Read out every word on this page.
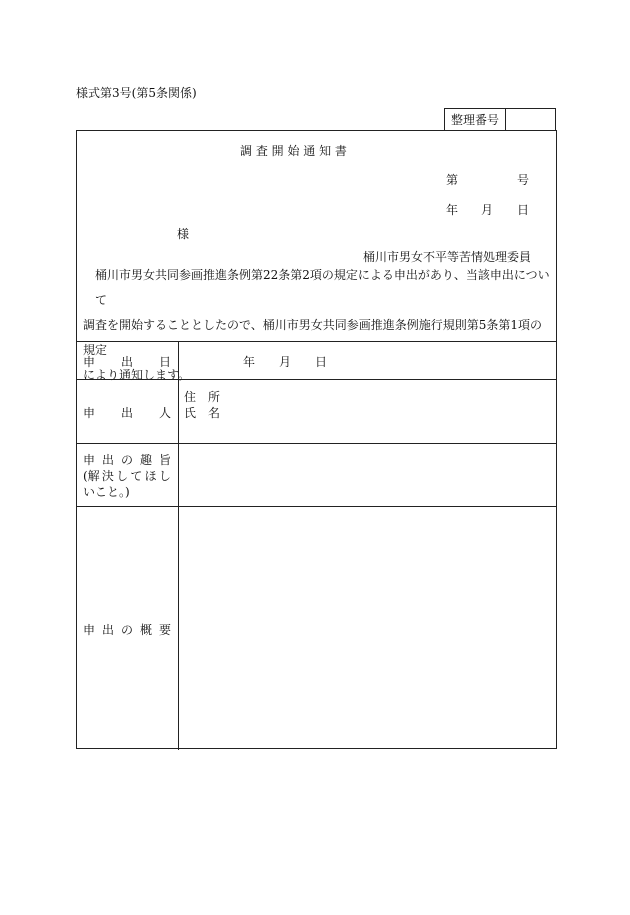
様式第3号(第5条関係)
整理番号
調 査 開 始 通 知 書
第	号
年 月 日
様
桶川市男女不平等苦情処理委員
桶川市男女共同参画推進条例第22条第2項の規定による申出があり、当該申出について
調査を開始することとしたので、桶川市男女共同参画推進条例施行規則第5条第1項の規定
により通知します。
申 出 日	年 月 日
申 出 人
住　所
氏　名
申 出 の 趣 旨
(解 決 し て ほ し
いこと。)
申 出 の 概 要
